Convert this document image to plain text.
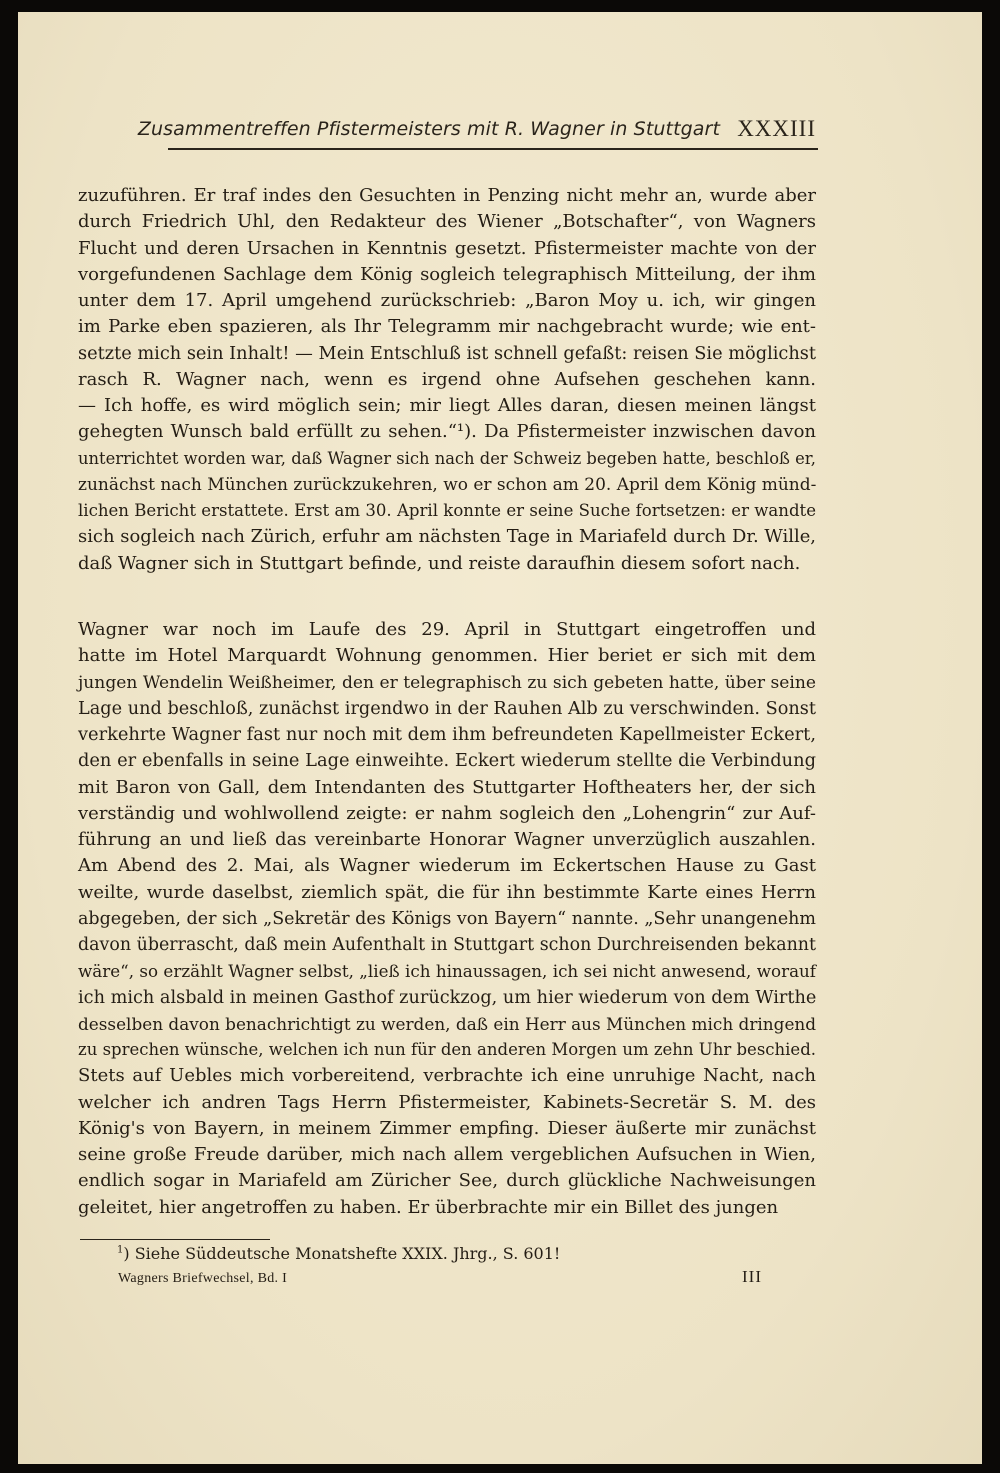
Zusammentreffen Pfistermeisters mit R. Wagner in Stuttgart XXXIII
zuzuführen. Er traf indes den Gesuchten in Penzing nicht mehr an, wurde aber
durch Friedrich Uhl, den Redakteur des Wiener „Botschafter“, von Wagners
Flucht und deren Ursachen in Kenntnis gesetzt. Pfistermeister machte von der
vorgefundenen Sachlage dem König sogleich telegraphisch Mitteilung, der ihm
unter dem 17. April umgehend zurückschrieb: „Baron Moy u. ich, wir gingen
im Parke eben spazieren, als Ihr Telegramm mir nachgebracht wurde; wie ent-
setzte mich sein Inhalt! — Mein Entschluß ist schnell gefaßt: reisen Sie möglichst
rasch R. Wagner nach, wenn es irgend ohne Aufsehen geschehen kann.
— Ich hoffe, es wird möglich sein; mir liegt Alles daran, diesen meinen längst
gehegten Wunsch bald erfüllt zu sehen.“¹). Da Pfistermeister inzwischen davon
unterrichtet worden war, daß Wagner sich nach der Schweiz begeben hatte, beschloß er,
zunächst nach München zurückzukehren, wo er schon am 20. April dem König münd-
lichen Bericht erstattete. Erst am 30. April konnte er seine Suche fortsetzen: er wandte
sich sogleich nach Zürich, erfuhr am nächsten Tage in Mariafeld durch Dr. Wille,
daß Wagner sich in Stuttgart befinde, und reiste daraufhin diesem sofort nach.
Wagner war noch im Laufe des 29. April in Stuttgart eingetroffen und
hatte im Hotel Marquardt Wohnung genommen. Hier beriet er sich mit dem
jungen Wendelin Weißheimer, den er telegraphisch zu sich gebeten hatte, über seine
Lage und beschloß, zunächst irgendwo in der Rauhen Alb zu verschwinden. Sonst
verkehrte Wagner fast nur noch mit dem ihm befreundeten Kapellmeister Eckert,
den er ebenfalls in seine Lage einweihte. Eckert wiederum stellte die Verbindung
mit Baron von Gall, dem Intendanten des Stuttgarter Hoftheaters her, der sich
verständig und wohlwollend zeigte: er nahm sogleich den „Lohengrin“ zur Auf-
führung an und ließ das vereinbarte Honorar Wagner unverzüglich auszahlen.
Am Abend des 2. Mai, als Wagner wiederum im Eckertschen Hause zu Gast
weilte, wurde daselbst, ziemlich spät, die für ihn bestimmte Karte eines Herrn
abgegeben, der sich „Sekretär des Königs von Bayern“ nannte. „Sehr unangenehm
davon überrascht, daß mein Aufenthalt in Stuttgart schon Durchreisenden bekannt
wäre“, so erzählt Wagner selbst, „ließ ich hinaussagen, ich sei nicht anwesend, worauf
ich mich alsbald in meinen Gasthof zurückzog, um hier wiederum von dem Wirthe
desselben davon benachrichtigt zu werden, daß ein Herr aus München mich dringend
zu sprechen wünsche, welchen ich nun für den anderen Morgen um zehn Uhr beschied.
Stets auf Uebles mich vorbereitend, verbrachte ich eine unruhige Nacht, nach
welcher ich andren Tags Herrn Pfistermeister, Kabinets-Secretär S. M. des
König's von Bayern, in meinem Zimmer empfing. Dieser äußerte mir zunächst
seine große Freude darüber, mich nach allem vergeblichen Aufsuchen in Wien,
endlich sogar in Mariafeld am Züricher See, durch glückliche Nachweisungen
geleitet, hier angetroffen zu haben. Er überbrachte mir ein Billet des jungen
$^1$) Siehe Süddeutsche Monatshefte XXIX. Jhrg., S. 601!
Wagners Briefwechsel, Bd. I	III
